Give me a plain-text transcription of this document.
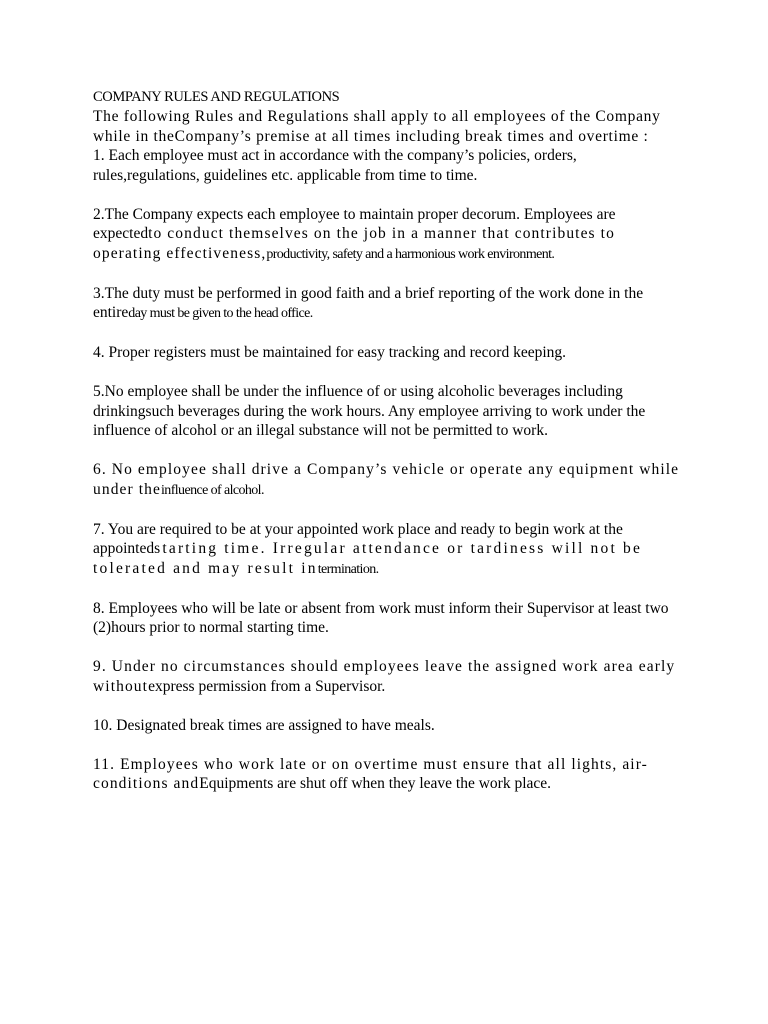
COMPANY RULES AND REGULATIONS

The following Rules and Regulations shall apply to all employees of the Company while in theCompany’s premise at all times including break times and overtime :

1. Each employee must act in accordance with the company’s policies, orders, rules,regulations, guidelines etc. applicable from time to time.

2.The Company expects each employee to maintain proper decorum. Employees are expectedto conduct themselves on the job in a manner that contributes to operating effectiveness,productivity, safety and a harmonious work environment.

3.The duty must be performed in good faith and a brief reporting of the work done in the entireday must be given to the head office.

4. Proper registers must be maintained for easy tracking and record keeping.

5.No employee shall be under the influence of or using alcoholic beverages including drinkingsuch beverages during the work hours. Any employee arriving to work under the influence of alcohol or an illegal substance will not be permitted to work.

6. No employee shall drive a Company’s vehicle or operate any equipment while under theinfluence of alcohol.

7. You are required to be at your appointed work place and ready to begin work at the appointedstarting time. Irregular attendance or tardiness will not be tolerated and may result intermination.

8. Employees who will be late or absent from work must inform their Supervisor at least two (2)hours prior to normal starting time.

9. Under no circumstances should employees leave the assigned work area early withoutexpress permission from a Supervisor.

10. Designated break times are assigned to have meals.

11. Employees who work late or on overtime must ensure that all lights, air-conditions andEquipments are shut off when they leave the work place.
